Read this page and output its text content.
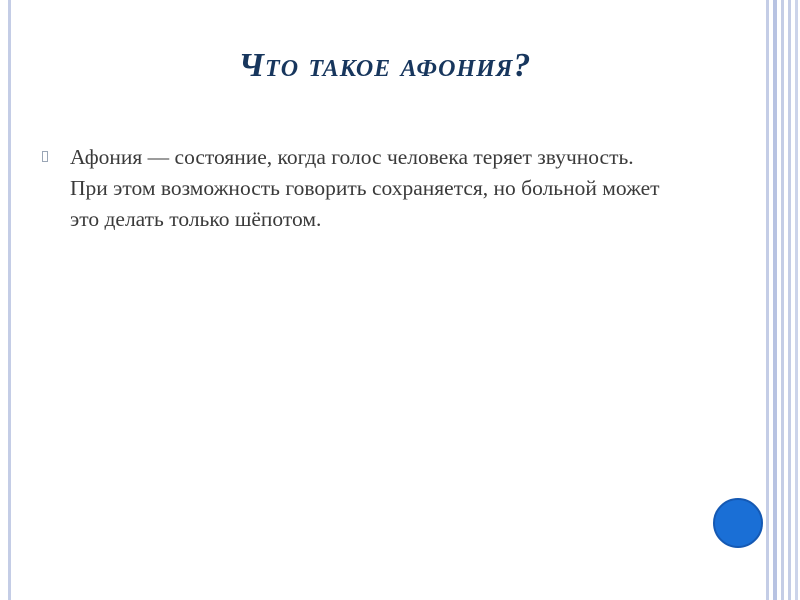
Что такое афония?

Афония — состояние, когда голос человека теряет звучность. При этом возможность говорить сохраняется, но больной может это делать только шёпотом.
